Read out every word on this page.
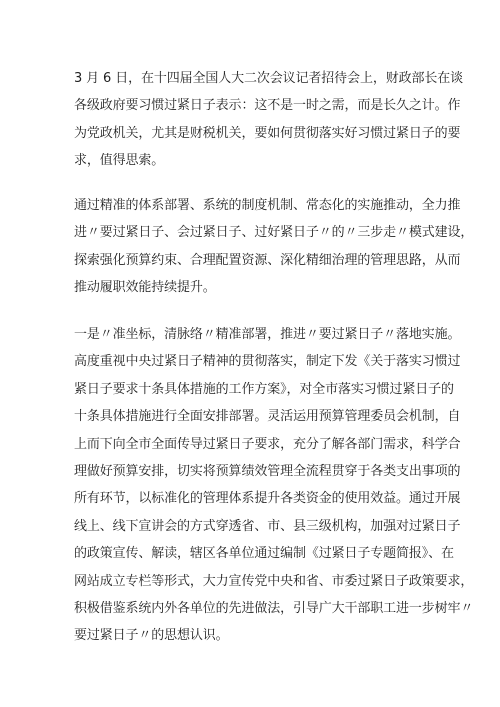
3 月 6 日，在十四届全国人大二次会议记者招待会上，财政部长在谈
各级政府要习惯过紧日子表示：这不是一时之需，而是长久之计。作
为党政机关，尤其是财税机关，要如何贯彻落实好习惯过紧日子的要
求，值得思索。
通过精准的体系部署、系统的制度机制、常态化的实施推动，全力推
进〃要过紧日子、会过紧日子、过好紧日子〃的〃三步走〃模式建设，
探索强化预算约束、合理配置资源、深化精细治理的管理思路，从而
推动履职效能持续提升。
一是〃准坐标，清脉络〃精准部署，推进〃要过紧日子〃落地实施。
高度重视中央过紧日子精神的贯彻落实，制定下发《关于落实习惯过
紧日子要求十条具体措施的工作方案》，对全市落实习惯过紧日子的
十条具体措施进行全面安排部署。灵活运用预算管理委员会机制，自
上而下向全市全面传导过紧日子要求，充分了解各部门需求，科学合
理做好预算安排，切实将预算绩效管理全流程贯穿于各类支出事项的
所有环节，以标准化的管理体系提升各类资金的使用效益。通过开展
线上、线下宣讲会的方式穿透省、市、县三级机构，加强对过紧日子
的政策宣传、解读，辖区各单位通过编制《过紧日子专题简报》、在
网站成立专栏等形式，大力宣传党中央和省、市委过紧日子政策要求，
积极借鉴系统内外各单位的先进做法，引导广大干部职工进一步树牢〃
要过紧日子〃的思想认识。
